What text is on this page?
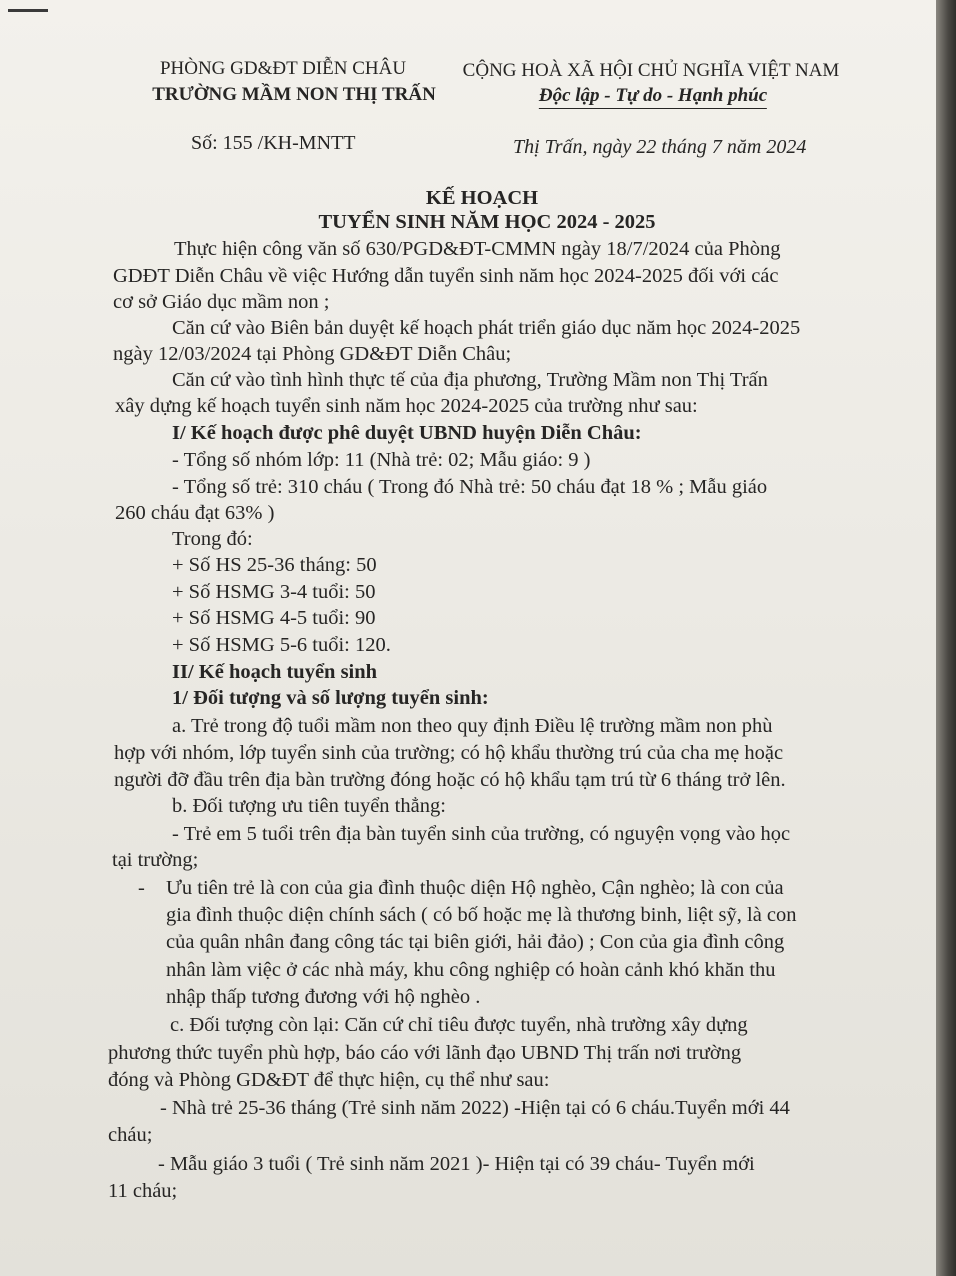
PHÒNG GD&ĐT DIỄN CHÂU
TRƯỜNG MẦM NON THỊ TRẤN
CỘNG HOÀ XÃ HỘI CHỦ NGHĨA VIỆT NAM
Độc lập - Tự do - Hạnh phúc
Số: 155 /KH-MNTT	Thị Trấn, ngày 22 tháng 7 năm 2024
KẾ HOẠCH
TUYỂN SINH NĂM HỌC 2024 - 2025
Thực hiện công văn số 630/PGD&ĐT-CMMN ngày 18/7/2024 của Phòng
GDĐT Diễn Châu về việc Hướng dẫn tuyển sinh năm học 2024-2025 đối với các
cơ sở Giáo dục mầm non ;
Căn cứ vào Biên bản duyệt kế hoạch phát triển giáo dục năm học 2024-2025
ngày 12/03/2024 tại Phòng GD&ĐT Diễn Châu;
Căn cứ vào tình hình thực tế của địa phương, Trường Mầm non Thị Trấn
xây dựng kế hoạch tuyển sinh năm học 2024-2025 của trường như sau:
I/ Kế hoạch được phê duyệt UBND huyện Diễn Châu:
- Tổng số nhóm lớp: 11 (Nhà trẻ: 02; Mẫu giáo: 9 )
- Tổng số trẻ: 310 cháu ( Trong đó Nhà trẻ: 50 cháu đạt 18 % ; Mẫu giáo
260 cháu đạt 63% )
Trong đó:
+ Số HS 25-36 tháng: 50
+ Số HSMG 3-4 tuổi: 50
+ Số HSMG 4-5 tuổi: 90
+ Số HSMG 5-6 tuổi: 120.
II/ Kế hoạch tuyển sinh
1/ Đối tượng và số lượng tuyển sinh:
a. Trẻ trong độ tuổi mầm non theo quy định Điều lệ trường mầm non phù
hợp với nhóm, lớp tuyển sinh của trường; có hộ khẩu thường trú của cha mẹ hoặc
người đỡ đầu trên địa bàn trường đóng hoặc có hộ khẩu tạm trú từ 6 tháng trở lên.
b. Đối tượng ưu tiên tuyển thẳng:
- Trẻ em 5 tuổi trên địa bàn tuyển sinh của trường, có nguyện vọng vào học
tại trường;
- Ưu tiên trẻ là con của gia đình thuộc diện Hộ nghèo, Cận nghèo; là con của
gia đình thuộc diện chính sách ( có bố hoặc mẹ là thương binh, liệt sỹ, là con
của quân nhân đang công tác tại biên giới, hải đảo) ; Con của gia đình công
nhân làm việc ở các nhà máy, khu công nghiệp có hoàn cảnh khó khăn thu
nhập thấp tương đương với hộ nghèo .
c. Đối tượng còn lại: Căn cứ chỉ tiêu được tuyển, nhà trường xây dựng
phương thức tuyển phù hợp, báo cáo với lãnh đạo UBND Thị trấn nơi trường
đóng và Phòng GD&ĐT để thực hiện, cụ thể như sau:
- Nhà trẻ 25-36 tháng (Trẻ sinh năm 2022) -Hiện tại có 6 cháu.Tuyển mới 44
cháu;
- Mẫu giáo 3 tuổi ( Trẻ sinh năm 2021 )- Hiện tại có 39 cháu- Tuyển mới
11 cháu;
